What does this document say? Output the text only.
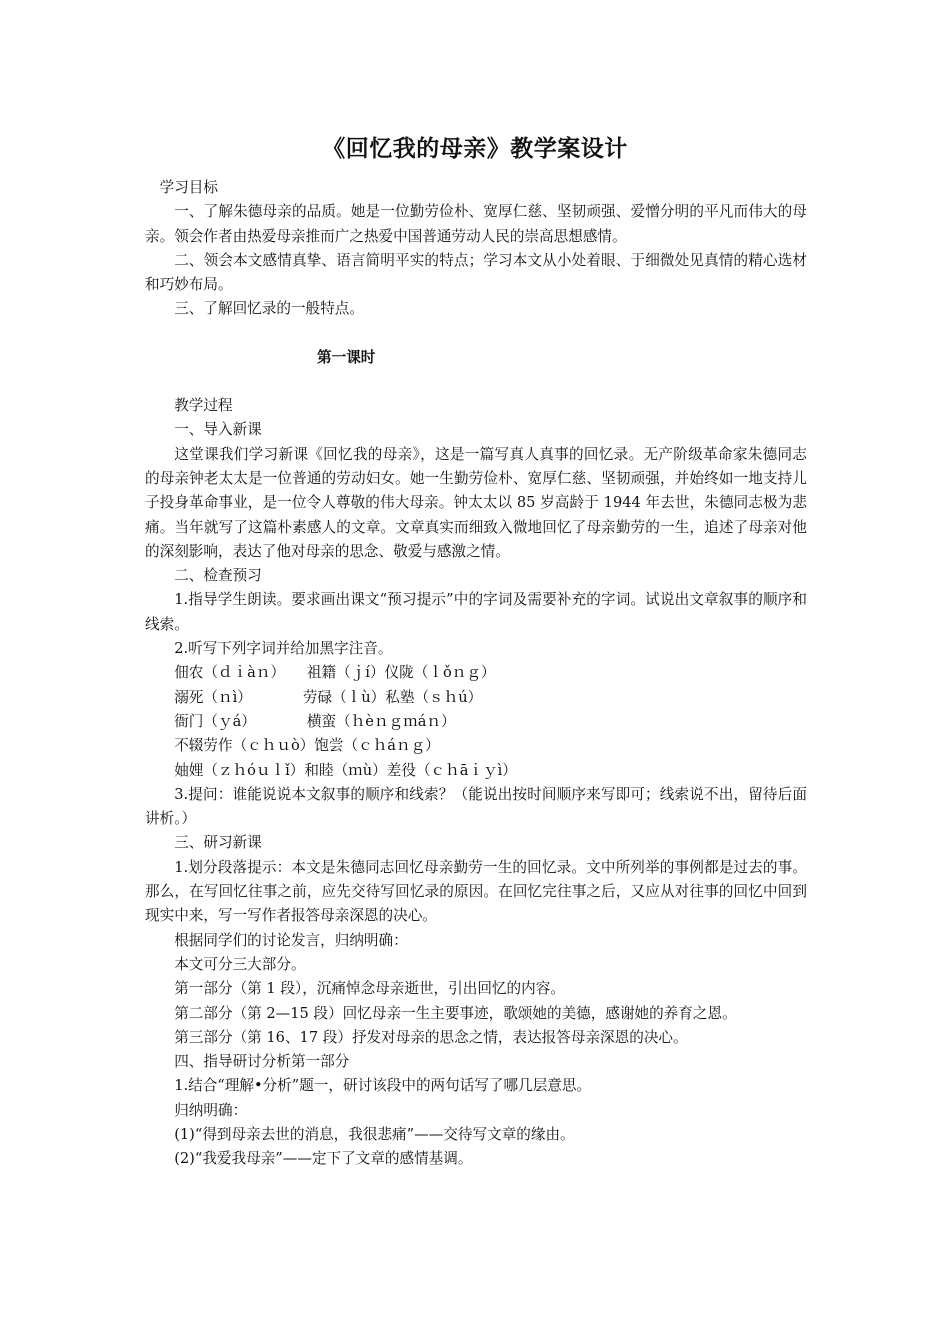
《回忆我的母亲》教学案设计

学习目标

一、了解朱德母亲的品质。她是一位勤劳俭朴、宽厚仁慈、坚韧顽强、爱憎分明的平凡而伟大的母亲。领会作者由热爱母亲推而广之热爱中国普通劳动人民的崇高思想感情。

二、领会本文感情真挚、语言简明平实的特点；学习本文从小处着眼、于细微处见真情的精心选材和巧妙布局。

三、了解回忆录的一般特点。

第一课时

教学过程

一、导入新课

这堂课我们学习新课《回忆我的母亲》，这是一篇写真人真事的回忆录。无产阶级革命家朱德同志的母亲钟老太太是一位普通的劳动妇女。她一生勤劳俭朴、宽厚仁慈、坚韧顽强，并始终如一地支持儿子投身革命事业，是一位令人尊敬的伟大母亲。钟太太以 85 岁高龄于 1944 年去世，朱德同志极为悲痛。当年就写了这篇朴素感人的文章。文章真实而细致入微地回忆了母亲勤劳的一生，追述了母亲对他的深刻影响，表达了他对母亲的思念、敬爱与感激之情。

二、检查预习

1.指导学生朗读。要求画出课文“预习提示”中的字词及需要补充的字词。试说出文章叙事的顺序和线索。

2.听写下列字词并给加黑字注音。

佃农（ｄｉàｎ）　　祖籍（ｊí）仪陇（ｌǒｎｇ）

溺死（ｎì）　　　　劳碌（ｌù）私塾（ｓｈú）

衙门（ｙá）　　　　横蛮（ｈèｎｇｍáｎ）

不辍劳作（ｃｈｕò）饱尝（ｃｈáｎｇ）

妯娌（ｚｈóｕｌǐ）和睦（ｍù）差役（ｃｈāｉｙì）

3.提问：谁能说说本文叙事的顺序和线索？（能说出按时间顺序来写即可；线索说不出，留待后面讲析。）

三、研习新课

1.划分段落提示：本文是朱德同志回忆母亲勤劳一生的回忆录。文中所列举的事例都是过去的事。那么，在写回忆往事之前，应先交待写回忆录的原因。在回忆完往事之后，又应从对往事的回忆中回到现实中来，写一写作者报答母亲深恩的决心。

根据同学们的讨论发言，归纳明确：

本文可分三大部分。

第一部分（第 1 段），沉痛悼念母亲逝世，引出回忆的内容。

第二部分（第 2—15 段）回忆母亲一生主要事迹，歌颂她的美德，感谢她的养育之恩。

第三部分（第 16、17 段）抒发对母亲的思念之情，表达报答母亲深恩的决心。

四、指导研讨分析第一部分

1.结合“理解•分析”题一，研讨该段中的两句话写了哪几层意思。

归纳明确：

(1)“得到母亲去世的消息，我很悲痛”——交待写文章的缘由。

(2)“我爱我母亲”——定下了文章的感情基调。
